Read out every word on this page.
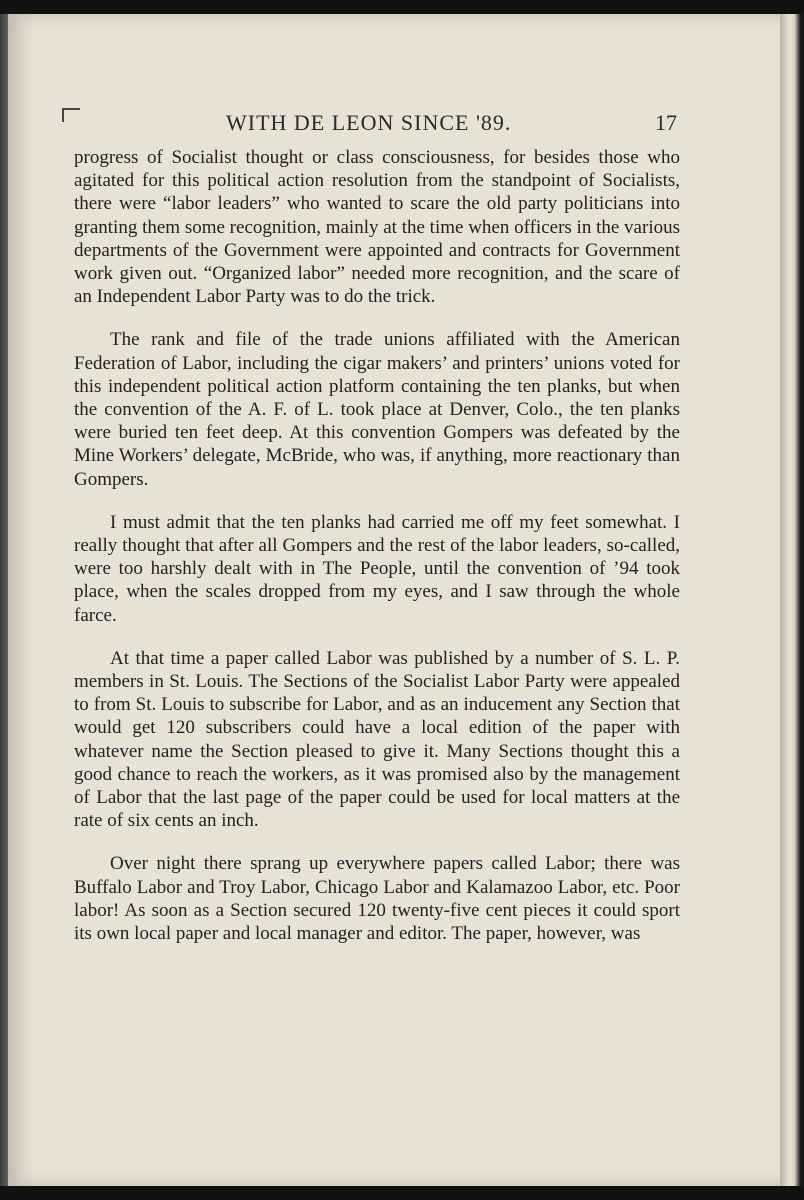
WITH DE LEON SINCE '89.	17

progress of Socialist thought or class consciousness, for besides those who agitated for this political action resolution from the standpoint of Socialists, there were “labor leaders” who wanted to scare the old party politicians into granting them some recognition, mainly at the time when officers in the various departments of the Government were appointed and contracts for Government work given out. “Organized labor” needed more recognition, and the scare of an Independent Labor Party was to do the trick.

The rank and file of the trade unions affiliated with the American Federation of Labor, including the cigar makers’ and printers’ unions voted for this independent political action platform containing the ten planks, but when the convention of the A. F. of L. took place at Denver, Colo., the ten planks were buried ten feet deep. At this convention Gompers was defeated by the Mine Workers’ delegate, McBride, who was, if anything, more reactionary than Gompers.

I must admit that the ten planks had carried me off my feet somewhat. I really thought that after all Gompers and the rest of the labor leaders, so-called, were too harshly dealt with in The People, until the convention of ’94 took place, when the scales dropped from my eyes, and I saw through the whole farce.

At that time a paper called Labor was published by a number of S. L. P. members in St. Louis. The Sections of the Socialist Labor Party were appealed to from St. Louis to subscribe for Labor, and as an inducement any Section that would get 120 subscribers could have a local edition of the paper with whatever name the Section pleased to give it. Many Sections thought this a good chance to reach the workers, as it was promised also by the management of Labor that the last page of the paper could be used for local matters at the rate of six cents an inch.

Over night there sprang up everywhere papers called Labor; there was Buffalo Labor and Troy Labor, Chicago Labor and Kalamazoo Labor, etc. Poor labor! As soon as a Section secured 120 twenty-five cent pieces it could sport its own local paper and local manager and editor. The paper, however, was
